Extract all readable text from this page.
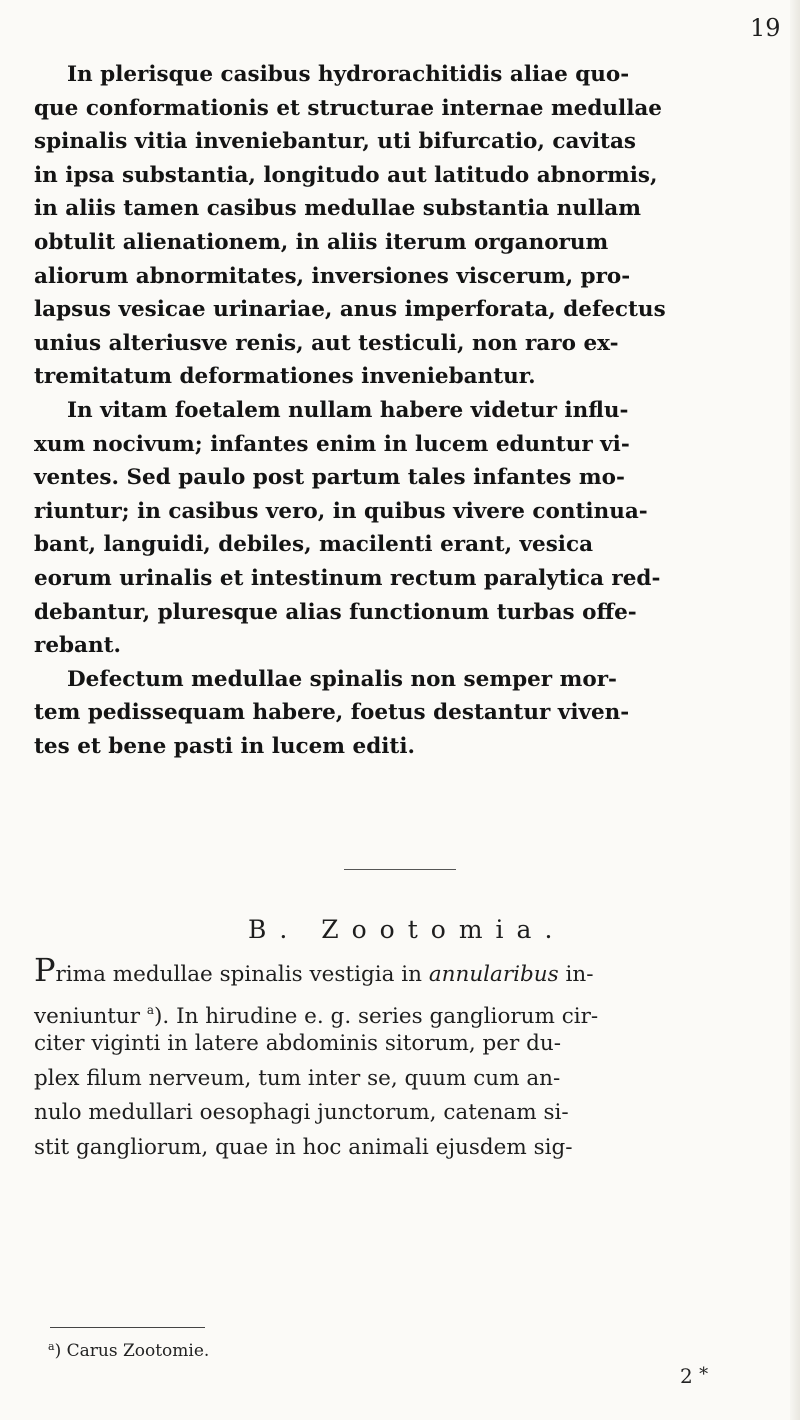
19
In plerisque casibus hydrorachitidis aliae quo-
que conformationis et structurae internae medullae
spinalis vitia inveniebantur, uti bifurcatio, cavitas
in ipsa substantia, longitudo aut latitudo abnormis,
in aliis tamen casibus medullae substantia nullam
obtulit alienationem, in aliis iterum organorum
aliorum abnormitates, inversiones viscerum, pro-
lapsus vesicae urinariae, anus imperforata, defectus
unius alteriusve renis, aut testiculi, non raro ex-
tremitatum deformationes inveniebantur.
In vitam foetalem nullam habere videtur influ-
xum nocivum; infantes enim in lucem eduntur vi-
ventes. Sed paulo post partum tales infantes mo-
riuntur; in casibus vero, in quibus vivere continua-
bant, languidi, debiles, macilenti erant, vesica
eorum urinalis et intestinum rectum paralytica red-
debantur, pluresque alias functionum turbas offe-
rebant.
Defectum medullae spinalis non semper mor-
tem pedissequam habere, foetus destantur viven-
tes et bene pasti in lucem editi.
B. Zootomia.
Prima medullae spinalis vestigia in annularibus in-
veniuntur $^a$). In hirudine e. g. series gangliorum cir-
citer viginti in latere abdominis sitorum, per du-
plex filum nerveum, tum inter se, quum cum an-
nulo medullari oesophagi junctorum, catenam si-
stit gangliorum, quae in hoc animali ejusdem sig-
$^a$) Carus Zootomie.
2 *
